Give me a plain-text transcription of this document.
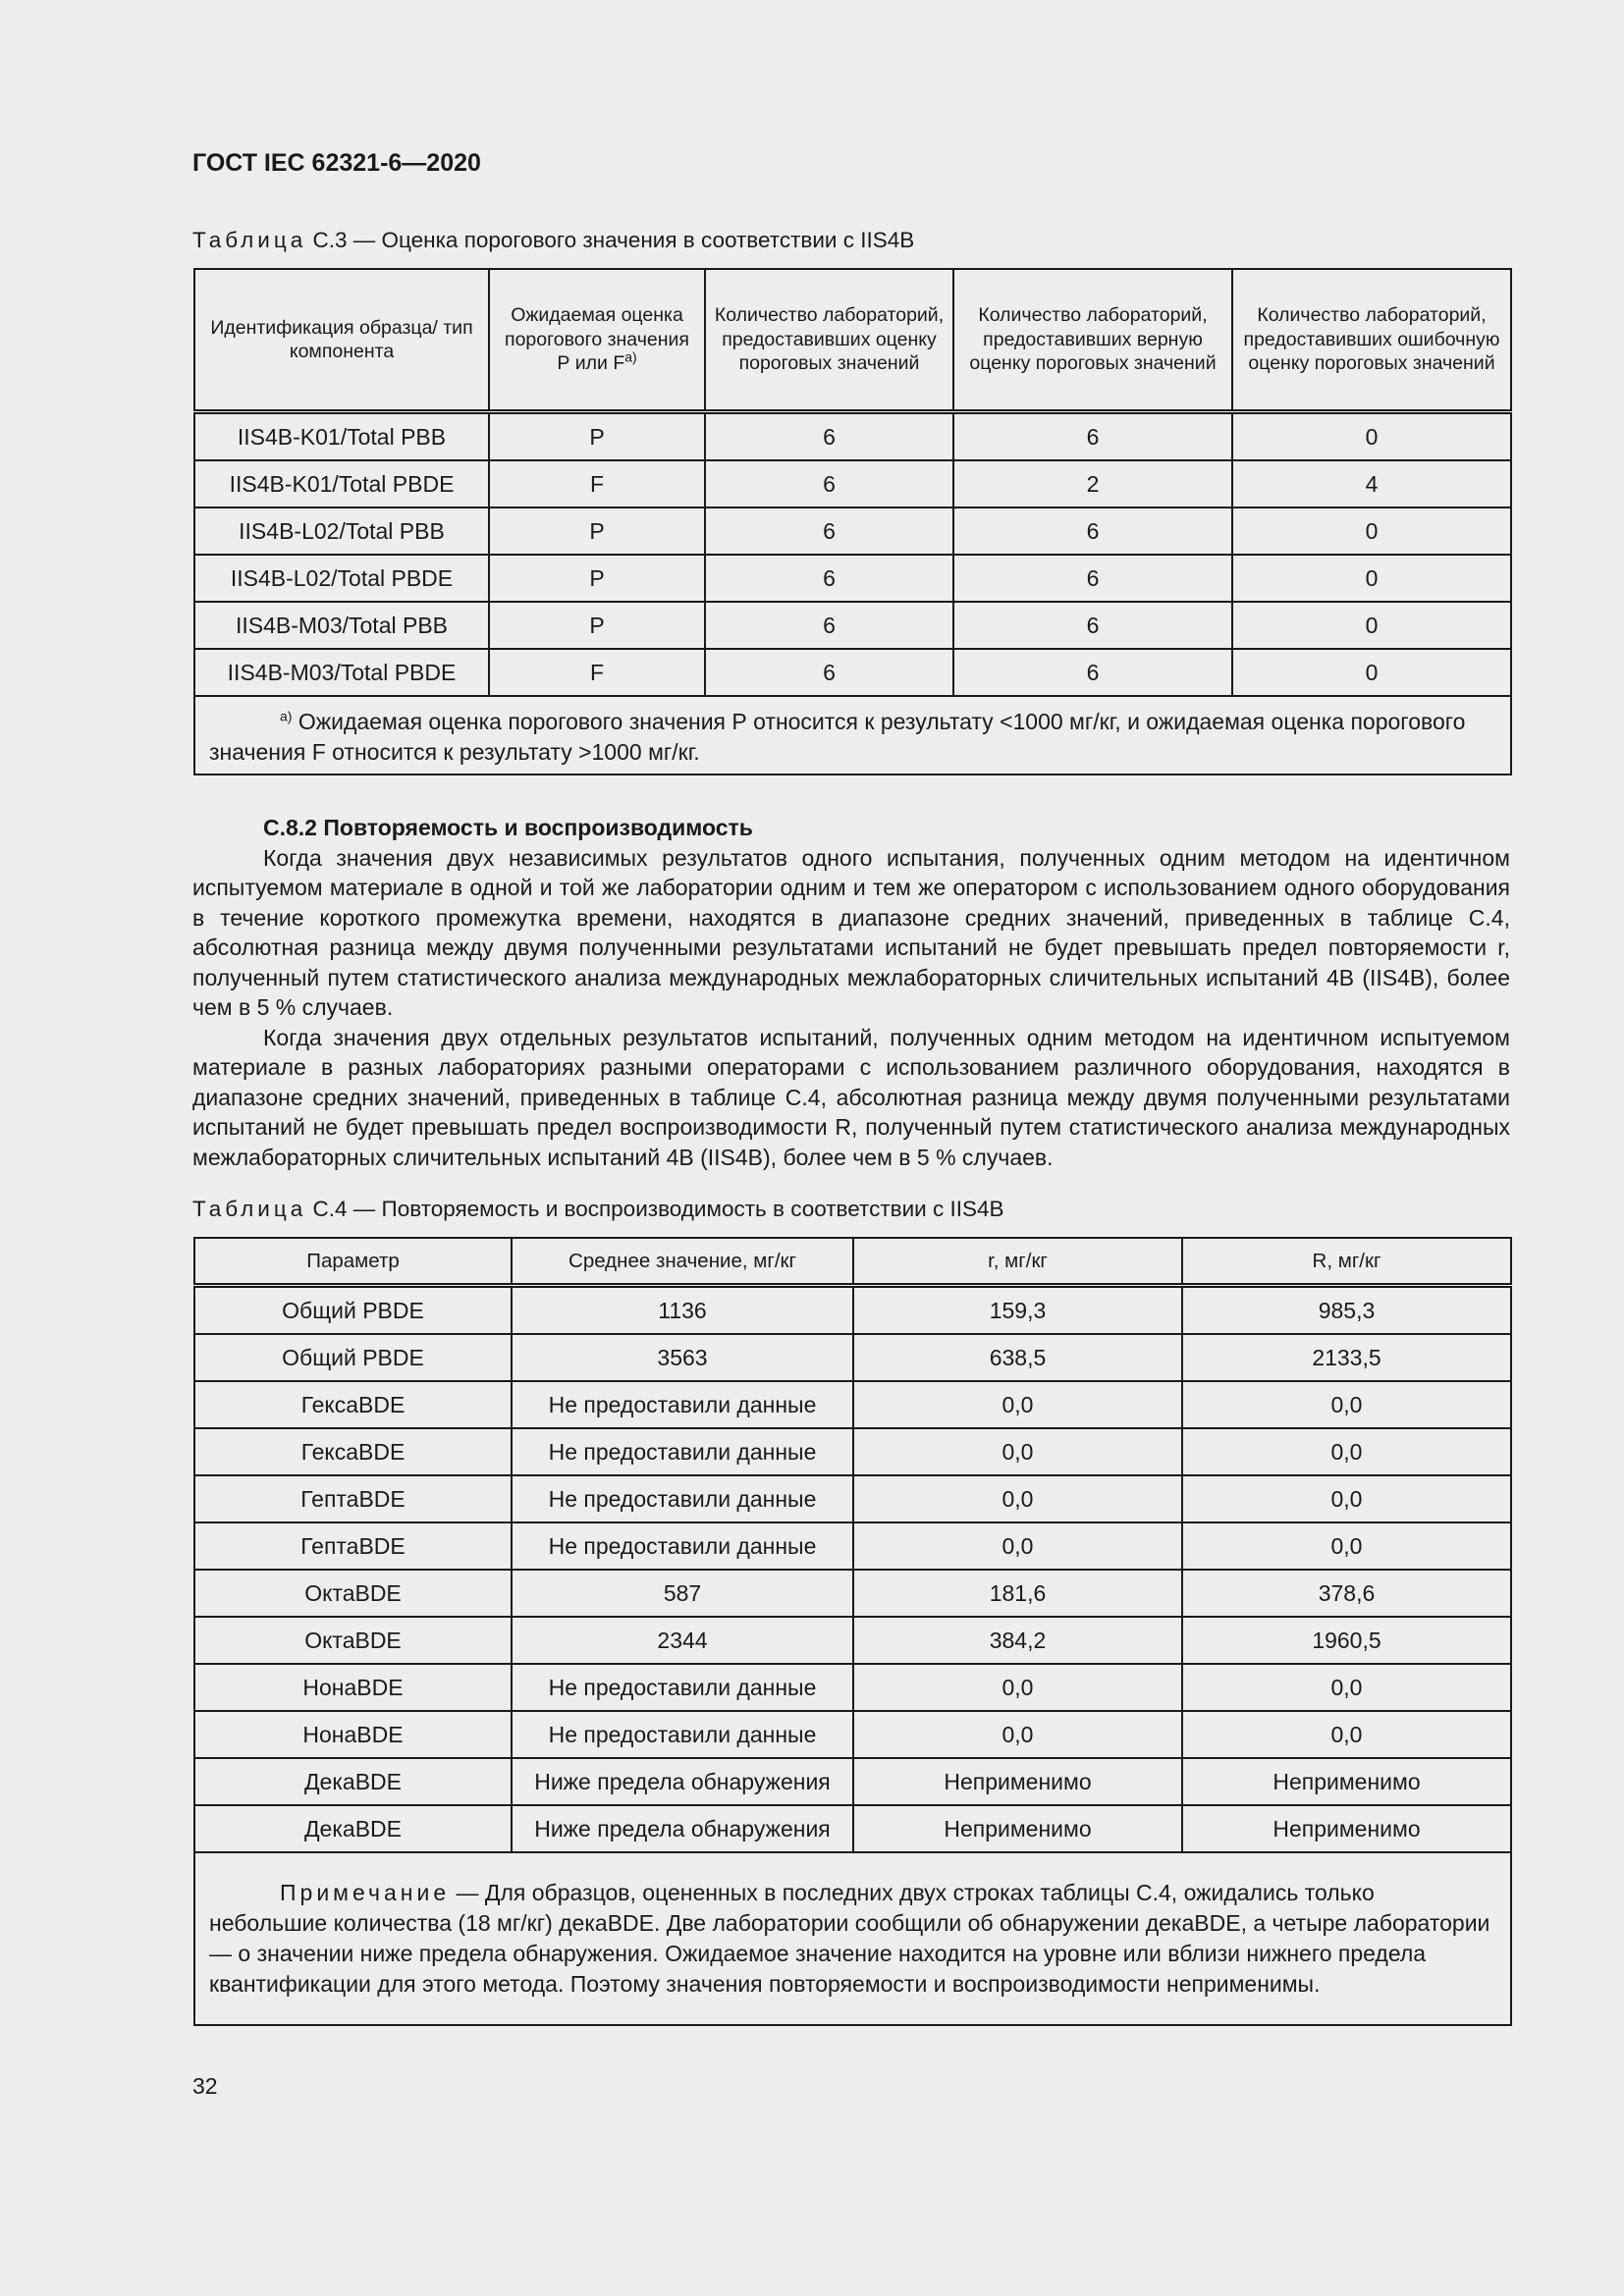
ГОСТ IEC 62321-6—2020
Таблица С.3 — Оценка порогового значения в соответствии с IIS4B
Идентификация образца/ тип компонента	Ожидаемая оценка порогового значения Р или $F^{а)}$	Количество лабораторий, предоставивших оценку пороговых значений	Количество лабораторий, предоставивших верную оценку пороговых значений	Количество лабораторий, предоставивших ошибочную оценку пороговых значений
IIS4B-K01/Total PBB	P	6	6	0
IIS4B-K01/Total PBDE	F	6	2	4
IIS4B-L02/Total PBB	P	6	6	0
IIS4B-L02/Total PBDE	P	6	6	0
IIS4B-M03/Total PBB	P	6	6	0
IIS4B-M03/Total PBDE	F	6	6	0
$^{а)}$ Ожидаемая оценка порогового значения Р относится к результату <1000 мг/кг, и ожидаемая оценка порогового значения F относится к результату >1000 мг/кг.				

С.8.2 Повторяемость и воспроизводимость

Когда значения двух независимых результатов одного испытания, полученных одним методом на идентичном испытуемом материале в одной и той же лаборатории одним и тем же оператором с использованием одного оборудования в течение короткого промежутка времени, находятся в диапазоне средних значений, приведенных в таблице С.4, абсолютная разница между двумя полученными результатами испытаний не будет превышать предел повторяемости r, полученный путем статистического анализа международных межлабораторных сличительных испытаний 4В (IIS4B), более чем в 5 % случаев.

Когда значения двух отдельных результатов испытаний, полученных одним методом на идентичном испытуемом материале в разных лабораториях разными операторами с использованием различного оборудования, находятся в диапазоне средних значений, приведенных в таблице С.4, абсолютная разница между двумя полученными результатами испытаний не будет превышать предел воспроизводимости R, полученный путем статистического анализа международных межлабораторных сличительных испытаний 4В (IIS4B), более чем в 5 % случаев.

Таблица С.4 — Повторяемость и воспроизводимость в соответствии с IIS4B
Параметр	Среднее значение, мг/кг	r, мг/кг	R, мг/кг
Общий PBDE	1136	159,3	985,3
Общий PBDE	3563	638,5	2133,5
ГексаBDE	Не предоставили данные	0,0	0,0
ГексаBDE	Не предоставили данные	0,0	0,0
ГептаBDE	Не предоставили данные	0,0	0,0
ГептаBDE	Не предоставили данные	0,0	0,0
ОктаBDE	587	181,6	378,6
ОктаBDE	2344	384,2	1960,5
НонаBDE	Не предоставили данные	0,0	0,0
НонаBDE	Не предоставили данные	0,0	0,0
ДекаBDE	Ниже предела обнаружения	Неприменимо	Неприменимо
ДекаBDE	Ниже предела обнаружения	Неприменимо	Неприменимо
Примечание — Для образцов, оцененных в последних двух строках таблицы С.4, ожидались только небольшие количества (18 мг/кг) декаBDE. Две лаборатории сообщили об обнаружении декаBDE, а четыре лаборатории — о значении ниже предела обнаружения. Ожидаемое значение находится на уровне или вблизи нижнего предела квантификации для этого метода. Поэтому значения повторяемости и воспроизводимости неприменимы.			
32
